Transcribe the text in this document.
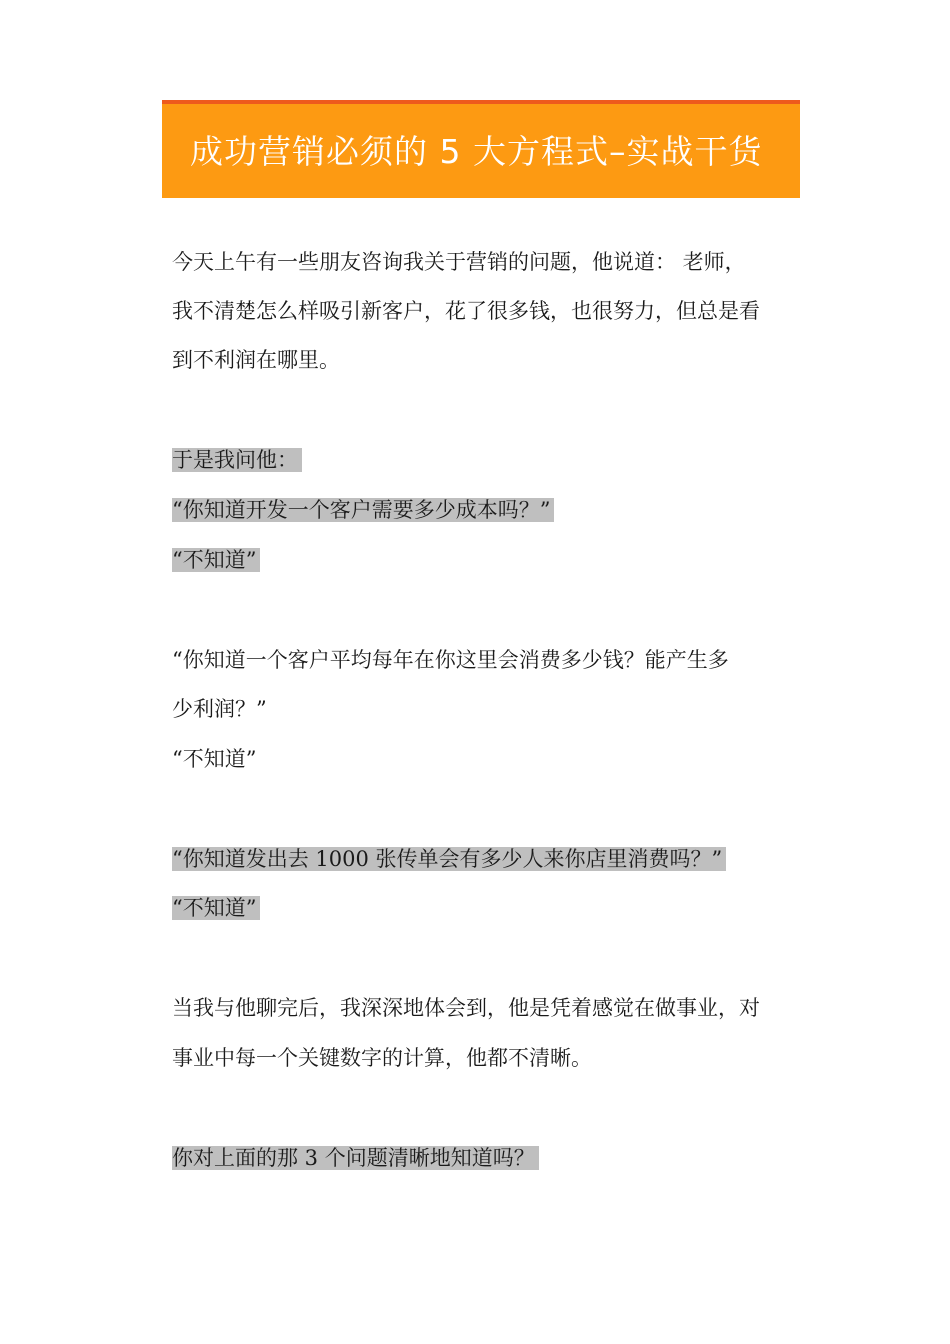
成功营销必须的 5 大方程式–实战干货
今天上午有一些朋友咨询我关于营销的问题，他说道： 老师，
我不清楚怎么样吸引新客户，花了很多钱，也很努力，但总是看
到不利润在哪里。
于是我问他：
“你知道开发一个客户需要多少成本吗？”
“不知道”
“你知道一个客户平均每年在你这里会消费多少钱？能产生多
少利润？”
“不知道”
“你知道发出去 1000 张传单会有多少人来你店里消费吗？”
“不知道”
当我与他聊完后，我深深地体会到，他是凭着感觉在做事业，对
事业中每一个关键数字的计算，他都不清晰。
你对上面的那 3 个问题清晰地知道吗？
